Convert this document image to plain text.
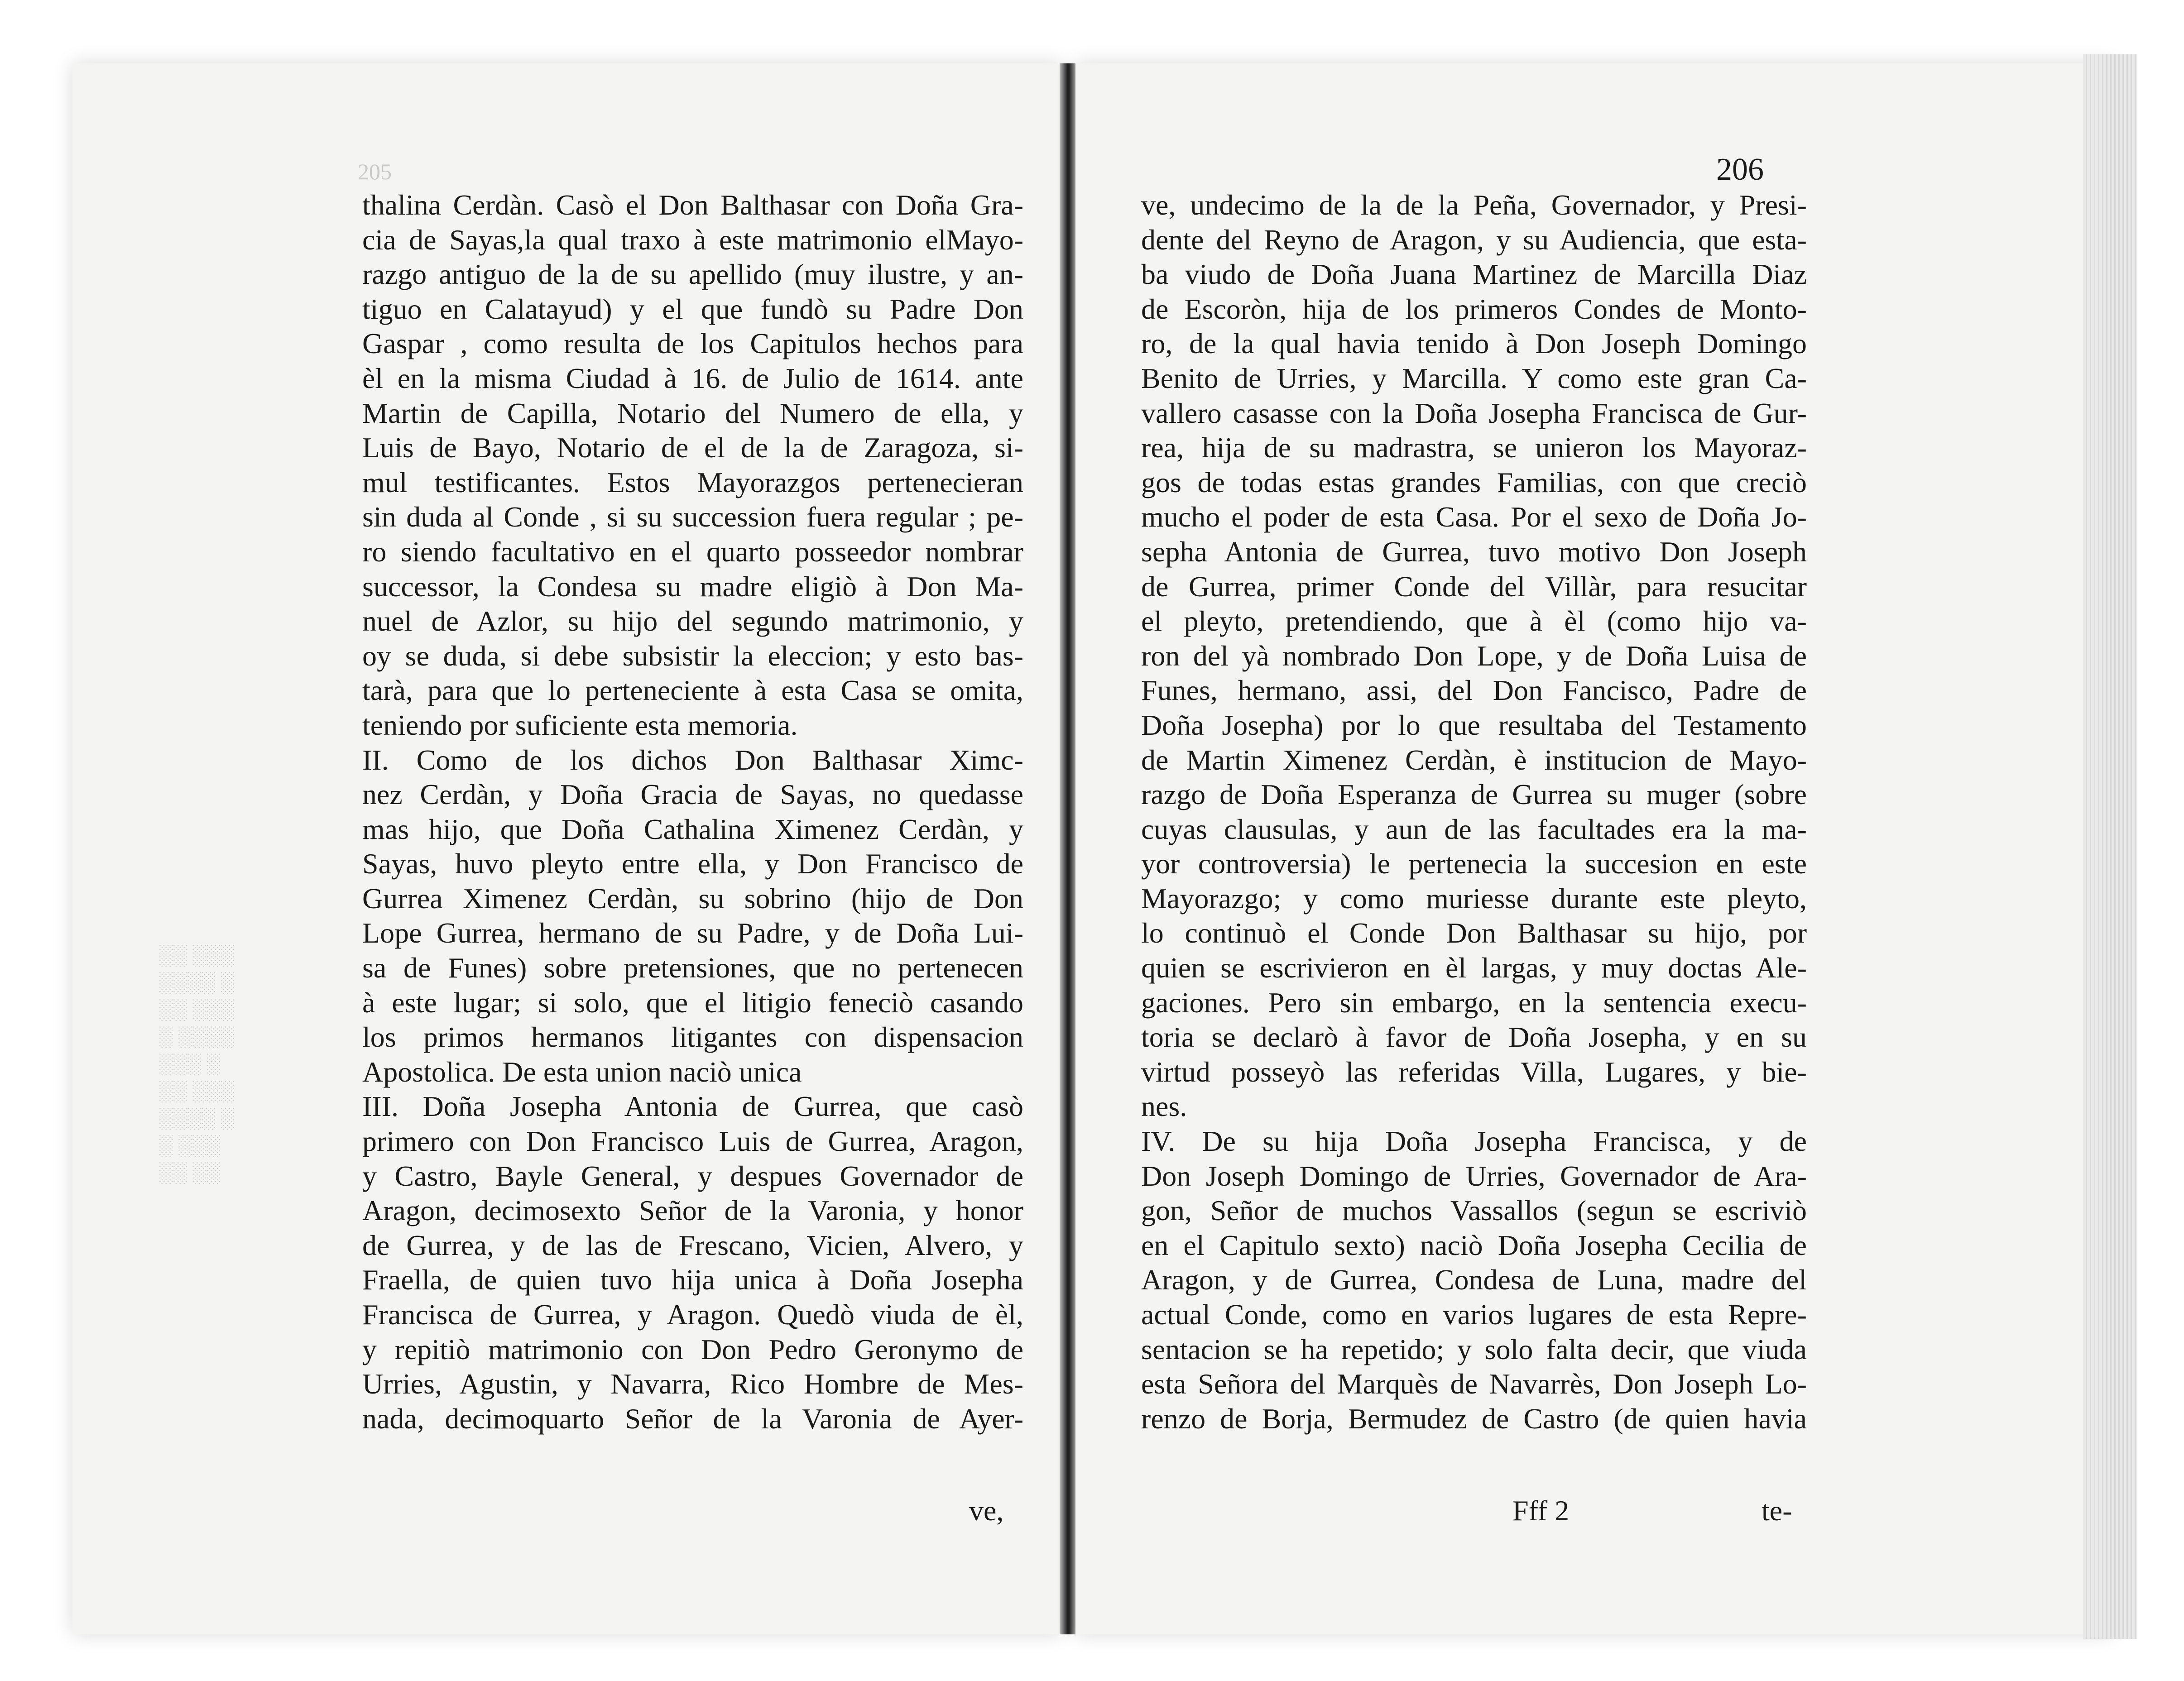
░░ ░░░
░░░░ ░
░░ ░░░
░ ░░░░
░░░ ░
░░ ░░░
░░░░ ░
░ ░░░
░░ ░░
205
thalina Cerdàn. Casò el Don Balthasar con Doña Gra-
cia de Sayas,la qual traxo à este matrimonio elMayo-
razgo antiguo de la de su apellido (muy ilustre, y an-
tiguo en Calatayud) y el que fundò su Padre Don
Gaspar , como resulta de los Capitulos hechos para
èl en la misma Ciudad à 16. de Julio de 1614. ante
Martin de Capilla, Notario del Numero de ella, y
Luis de Bayo, Notario de el de la de Zaragoza, si-
mul testificantes. Estos Mayorazgos pertenecieran
sin duda al Conde , si su succession fuera regular ; pe-
ro siendo facultativo en el quarto posseedor nombrar
successor, la Condesa su madre eligiò à Don Ma-
nuel de Azlor, su hijo del segundo matrimonio, y
oy se duda, si debe subsistir la eleccion; y esto bas-
tarà, para que lo perteneciente à esta Casa se omita,
teniendo por suficiente esta memoria.
II. Como de los dichos Don Balthasar Ximc-
nez Cerdàn, y Doña Gracia de Sayas, no quedasse
mas hijo, que Doña Cathalina Ximenez Cerdàn, y
Sayas, huvo pleyto entre ella, y Don Francisco de
Gurrea Ximenez Cerdàn, su sobrino (hijo de Don
Lope Gurrea, hermano de su Padre, y de Doña Lui-
sa de Funes) sobre pretensiones, que no pertenecen
à este lugar; si solo, que el litigio feneciò casando
los primos hermanos litigantes con dispensacion
Apostolica. De esta union naciò unica
III. Doña Josepha Antonia de Gurrea, que casò
primero con Don Francisco Luis de Gurrea, Aragon,
y Castro, Bayle General, y despues Governador de
Aragon, decimosexto Señor de la Varonia, y honor
de Gurrea, y de las de Frescano, Vicien, Alvero, y
Fraella, de quien tuvo hija unica à Doña Josepha
Francisca de Gurrea, y Aragon. Quedò viuda de èl,
y repitiò matrimonio con Don Pedro Geronymo de
Urries, Agustin, y Navarra, Rico Hombre de Mes-
nada, decimoquarto Señor de la Varonia de Ayer-
ve,
206
ve, undecimo de la de la Peña, Governador, y Presi-
dente del Reyno de Aragon, y su Audiencia, que esta-
ba viudo de Doña Juana Martinez de Marcilla Diaz
de Escoròn, hija de los primeros Condes de Monto-
ro, de la qual havia tenido à Don Joseph Domingo
Benito de Urries, y Marcilla. Y como este gran Ca-
vallero casasse con la Doña Josepha Francisca de Gur-
rea, hija de su madrastra, se unieron los Mayoraz-
gos de todas estas grandes Familias, con que creciò
mucho el poder de esta Casa. Por el sexo de Doña Jo-
sepha Antonia de Gurrea, tuvo motivo Don Joseph
de Gurrea, primer Conde del Villàr, para resucitar
el pleyto, pretendiendo, que à èl (como hijo va-
ron del yà nombrado Don Lope, y de Doña Luisa de
Funes, hermano, assi, del Don Fancisco, Padre de
Doña Josepha) por lo que resultaba del Testamento
de Martin Ximenez Cerdàn, è institucion de Mayo-
razgo de Doña Esperanza de Gurrea su muger (sobre
cuyas clausulas, y aun de las facultades era la ma-
yor controversia) le pertenecia la succesion en este
Mayorazgo; y como muriesse durante este pleyto,
lo continuò el Conde Don Balthasar su hijo, por
quien se escrivieron en èl largas, y muy doctas Ale-
gaciones. Pero sin embargo, en la sentencia execu-
toria se declarò à favor de Doña Josepha, y en su
virtud posseyò las referidas Villa, Lugares, y bie-
nes.
IV. De su hija Doña Josepha Francisca, y de
Don Joseph Domingo de Urries, Governador de Ara-
gon, Señor de muchos Vassallos (segun se escriviò
en el Capitulo sexto) naciò Doña Josepha Cecilia de
Aragon, y de Gurrea, Condesa de Luna, madre del
actual Conde, como en varios lugares de esta Repre-
sentacion se ha repetido; y solo falta decir, que viuda
esta Señora del Marquès de Navarrès, Don Joseph Lo-
renzo de Borja, Bermudez de Castro (de quien havia
Fff 2	te-
